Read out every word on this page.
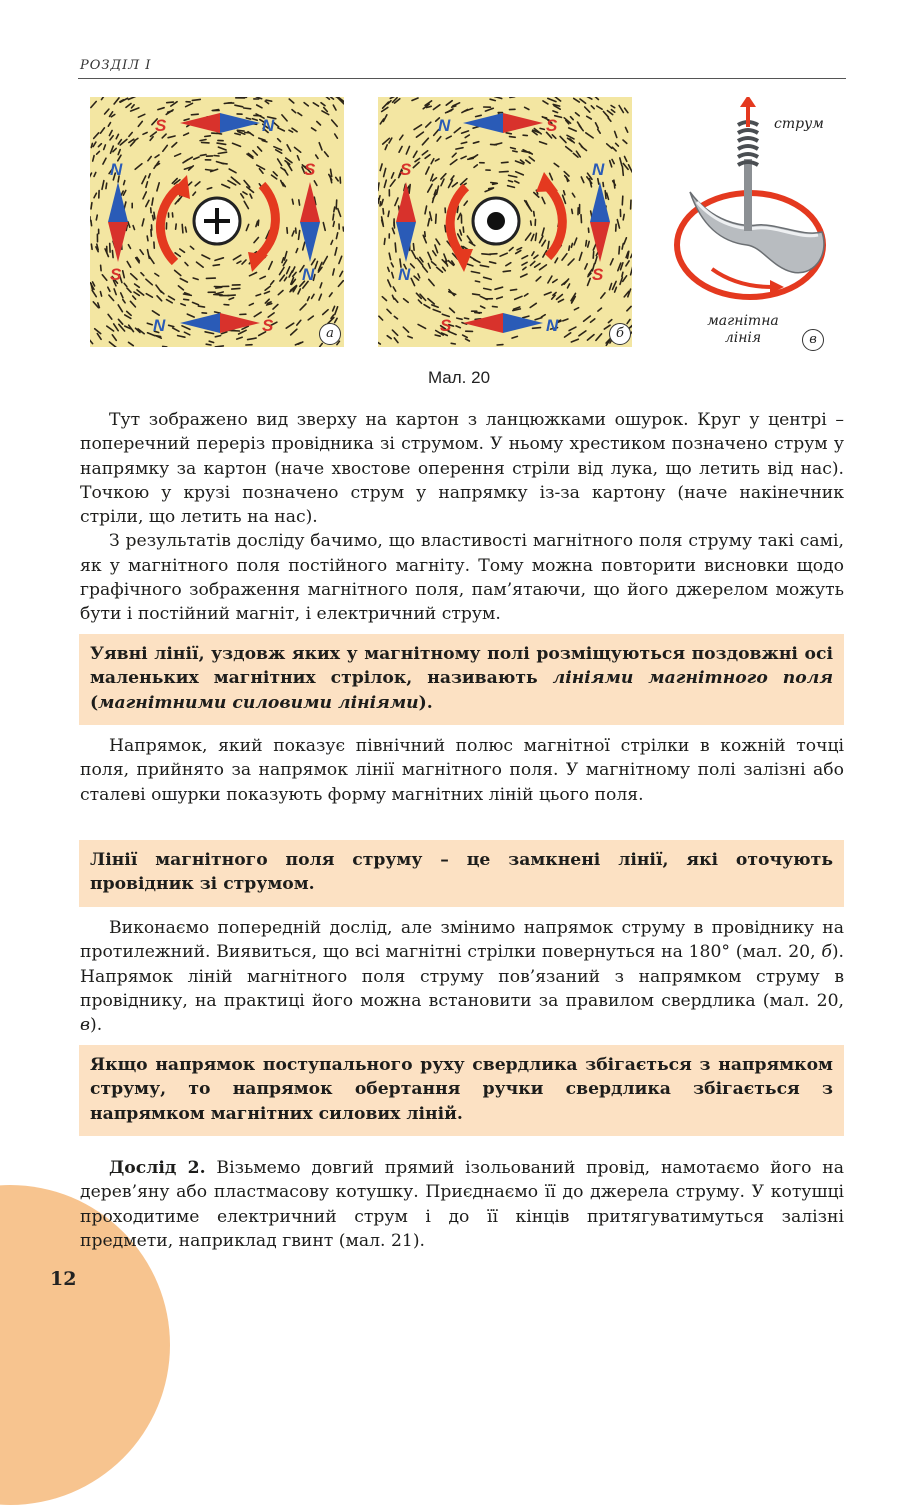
12
РОЗДІЛ І
S	N
N
S
S
N
N	S	а
N	S
S
N
N
S
S	N	б
струм
магнітна
лінія	в
Мал. 20

Тут зображено вид зверху на картон з ланцюжками ошурок. Круг у центрі – поперечний переріз провідника зі струмом. У ньому хрестиком позначено струм у напрямку за картон (наче хвостове оперення стріли від лука, що летить від нас). Точкою у крузі позначено струм у напрямку із-за картону (наче накінечник стріли, що летить на нас).

З результатів досліду бачимо, що властивості магнітного поля струму такі самі, як у магнітного поля постійного магніту. Тому можна повторити висновки щодо графічного зображення магнітного поля, пам’ятаючи, що його джерелом можуть бути і постійний магніт, і електричний струм.

Уявні лінії, уздовж яких у магнітному полі розміщуються поздовжні осі маленьких магнітних стрілок, називають лініями магнітного поля (магнітними силовими лініями).

Напрямок, який показує північний полюс магнітної стрілки в кожній точці поля, прийнято за напрямок лінії магнітного поля. У магнітному полі залізні або сталеві ошурки показують форму магнітних ліній цього поля.

Лінії магнітного поля струму – це замкнені лінії, які оточують провідник зі струмом.

Виконаємо попередній дослід, але змінимо напрямок струму в провіднику на протилежний. Виявиться, що всі магнітні стрілки повернуться на 180° (мал. 20, б). Напрямок ліній магнітного поля струму пов’язаний з напрямком струму в провіднику, на практиці його можна встановити за правилом свердлика (мал. 20, в).

Якщо напрямок поступального руху свердлика збігається з напрямком струму, то напрямок обертання ручки свердлика збігається з напрямком магнітних силових ліній.

Дослід 2. Візьмемо довгий прямий ізольований провід, намотаємо його на дерев’яну або пластмасову котушку. Приєднаємо її до джерела струму. У котушці проходитиме електричний струм і до її кінців притягуватимуться залізні предмети, наприклад гвинт (мал. 21).
